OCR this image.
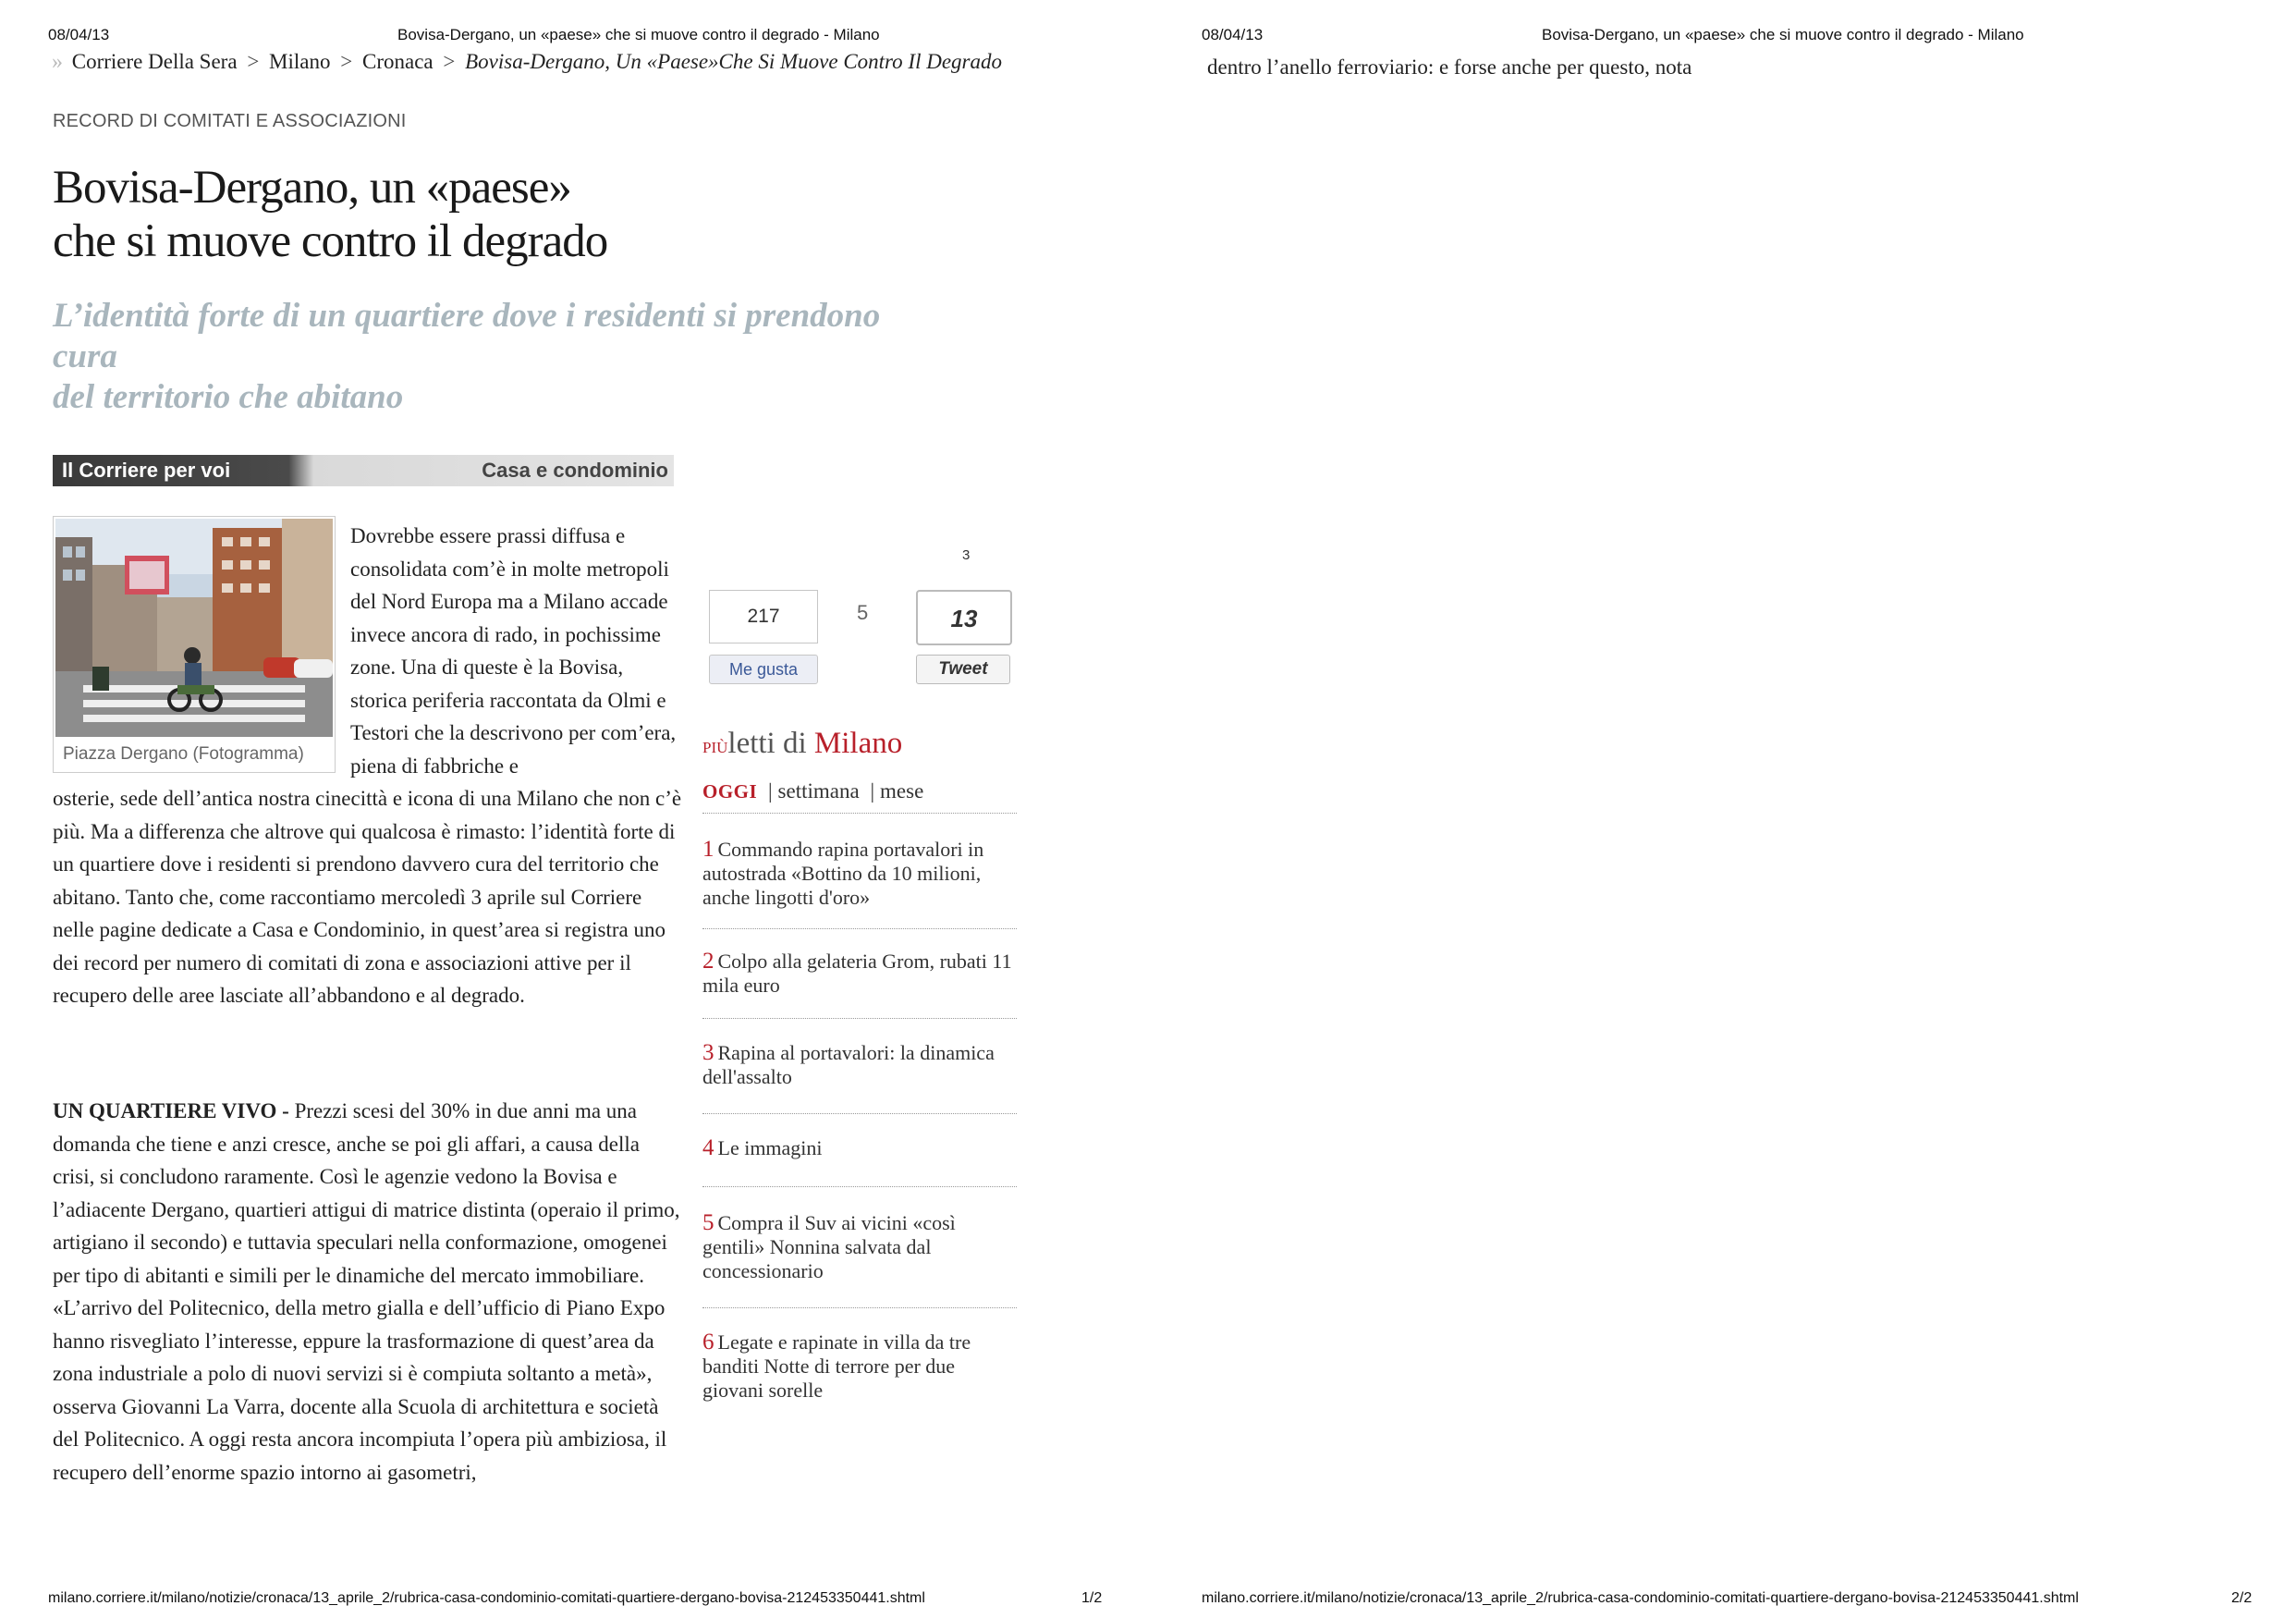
08/04/13	Bovisa-Dergano, un «paese» che si muove contro il degrado - Milano
» Corriere Della Sera > Milano > Cronaca > Bovisa-Dergano, Un «Paese»Che Si Muove Contro Il Degrado
RECORD DI COMITATI E ASSOCIAZIONI
Bovisa-Dergano, un «paese»
che si muove contro il degrado
L’identità forte di un quartiere dove i residenti si prendono
cura
del territorio che abitano
Il Corriere per voi	Casa e condominio
Piazza Dergano (Fotogramma)
Dovrebbe essere prassi diffusa e consolidata com’è in molte metropoli del Nord Europa ma a Milano accade invece ancora di rado, in pochissime zone. Una di queste è la Bovisa, storica periferia raccontata da Olmi e Testori che la descrivono per com’era, piena di fabbriche e
osterie, sede dell’antica nostra cinecittà e icona di una Milano che non c’è più. Ma a differenza che altrove qui qualcosa è rimasto: l’identità forte di un quartiere dove i residenti si prendono davvero cura del territorio che abitano. Tanto che, come raccontiamo mercoledì 3 aprile sul Corriere nelle pagine dedicate a Casa e Condominio, in quest’area si registra uno dei record per numero di comitati di zona e associazioni attive per il recupero delle aree lasciate all’abbandono e al degrado.
UN QUARTIERE VIVO - Prezzi scesi del 30% in due anni ma una domanda che tiene e anzi cresce, anche se poi gli affari, a causa della crisi, si concludono raramente. Così le agenzie vedono la Bovisa e l’adiacente Dergano, quartieri attigui di matrice distinta (operaio il primo, artigiano il secondo) e tuttavia speculari nella conformazione, omogenei per tipo di abitanti e simili per le dinamiche del mercato immobiliare. «L’arrivo del Politecnico, della metro gialla e dell’ufficio di Piano Expo hanno risvegliato l’interesse, eppure la trasformazione di quest’area da zona industriale a polo di nuovi servizi si è compiuta soltanto a metà», osserva Giovanni La Varra, docente alla Scuola di architettura e società del Politecnico. A oggi resta ancora incompiuta l’opera più ambiziosa, il recupero dell’enorme spazio intorno ai gasometri,
217
Me gusta
5
3
13
Tweet
piùletti di Milano
OGGI | settimana | mese
1 Commando rapina portavalori in autostrada «Bottino da 10 milioni, anche lingotti d'oro»
2 Colpo alla gelateria Grom, rubati 11 mila euro
3 Rapina al portavalori: la dinamica dell'assalto
4 Le immagini
5 Compra il Suv ai vicini «così gentili» Nonnina salvata dal concessionario
6 Legate e rapinate in villa da tre banditi Notte di terrore per due giovani sorelle
milano.corriere.it/milano/notizie/cronaca/13_aprile_2/rubrica-casa-condominio-comitati-quartiere-dergano-bovisa-212453350441.shtml	1/2
08/04/13	Bovisa-Dergano, un «paese» che si muove contro il degrado - Milano
dentro l’anello ferroviario: e forse anche per questo, nota
milano.corriere.it/milano/notizie/cronaca/13_aprile_2/rubrica-casa-condominio-comitati-quartiere-dergano-bovisa-212453350441.shtml	2/2
